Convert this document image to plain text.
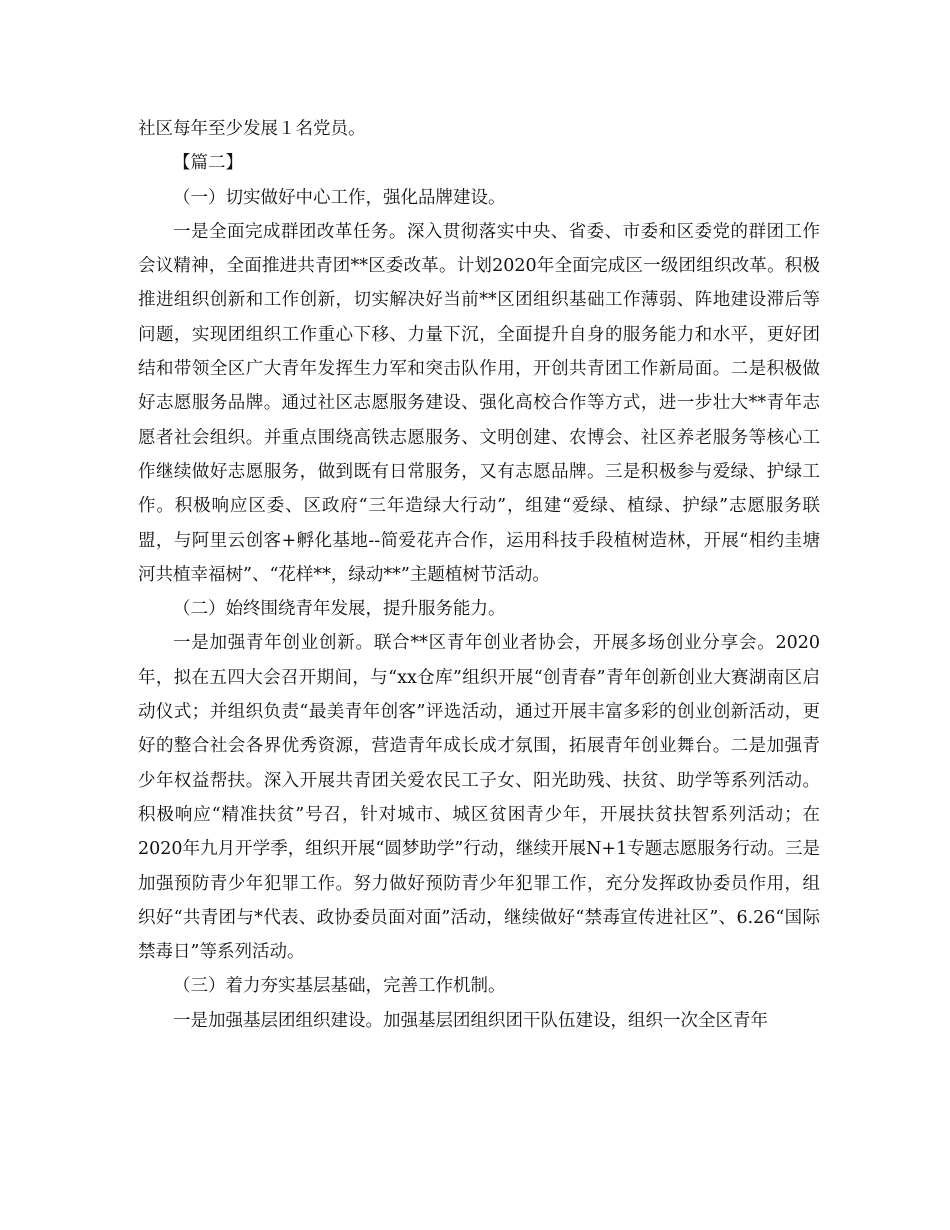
社区每年至少发展１名党员。

【篇二】

（一）切实做好中心工作，强化品牌建设。

一是全面完成群团改革任务。深入贯彻落实中央、省委、市委和区委党的群团工作会议精神，全面推进共青团**区委改革。计划2020年全面完成区一级团组织改革。积极推进组织创新和工作创新，切实解决好当前**区团组织基础工作薄弱、阵地建设滞后等问题，实现团组织工作重心下移、力量下沉，全面提升自身的服务能力和水平，更好团结和带领全区广大青年发挥生力军和突击队作用，开创共青团工作新局面。二是积极做好志愿服务品牌。通过社区志愿服务建设、强化高校合作等方式，进一步壮大**青年志愿者社会组织。并重点围绕高铁志愿服务、文明创建、农博会、社区养老服务等核心工作继续做好志愿服务，做到既有日常服务，又有志愿品牌。三是积极参与爱绿、护绿工作。积极响应区委、区政府“三年造绿大行动”，组建“爱绿、植绿、护绿”志愿服务联盟，与阿里云创客+孵化基地--简爱花卉合作，运用科技手段植树造林，开展“相约圭塘河共植幸福树”、“花样**，绿动**”主题植树节活动。

（二）始终围绕青年发展，提升服务能力。

一是加强青年创业创新。联合**区青年创业者协会，开展多场创业分享会。2020年，拟在五四大会召开期间，与“xx仓库”组织开展“创青春”青年创新创业大赛湖南区启动仪式；并组织负责“最美青年创客”评选活动，通过开展丰富多彩的创业创新活动，更好的整合社会各界优秀资源，营造青年成长成才氛围，拓展青年创业舞台。二是加强青少年权益帮扶。深入开展共青团关爱农民工子女、阳光助残、扶贫、助学等系列活动。积极响应“精准扶贫”号召，针对城市、城区贫困青少年，开展扶贫扶智系列活动；在2020年九月开学季，组织开展“圆梦助学”行动，继续开展N+1专题志愿服务行动。三是加强预防青少年犯罪工作。努力做好预防青少年犯罪工作，充分发挥政协委员作用，组织好“共青团与*代表、政协委员面对面”活动，继续做好“禁毒宣传进社区”、6.26“国际禁毒日”等系列活动。

（三）着力夯实基层基础，完善工作机制。

一是加强基层团组织建设。加强基层团组织团干队伍建设，组织一次全区青年
